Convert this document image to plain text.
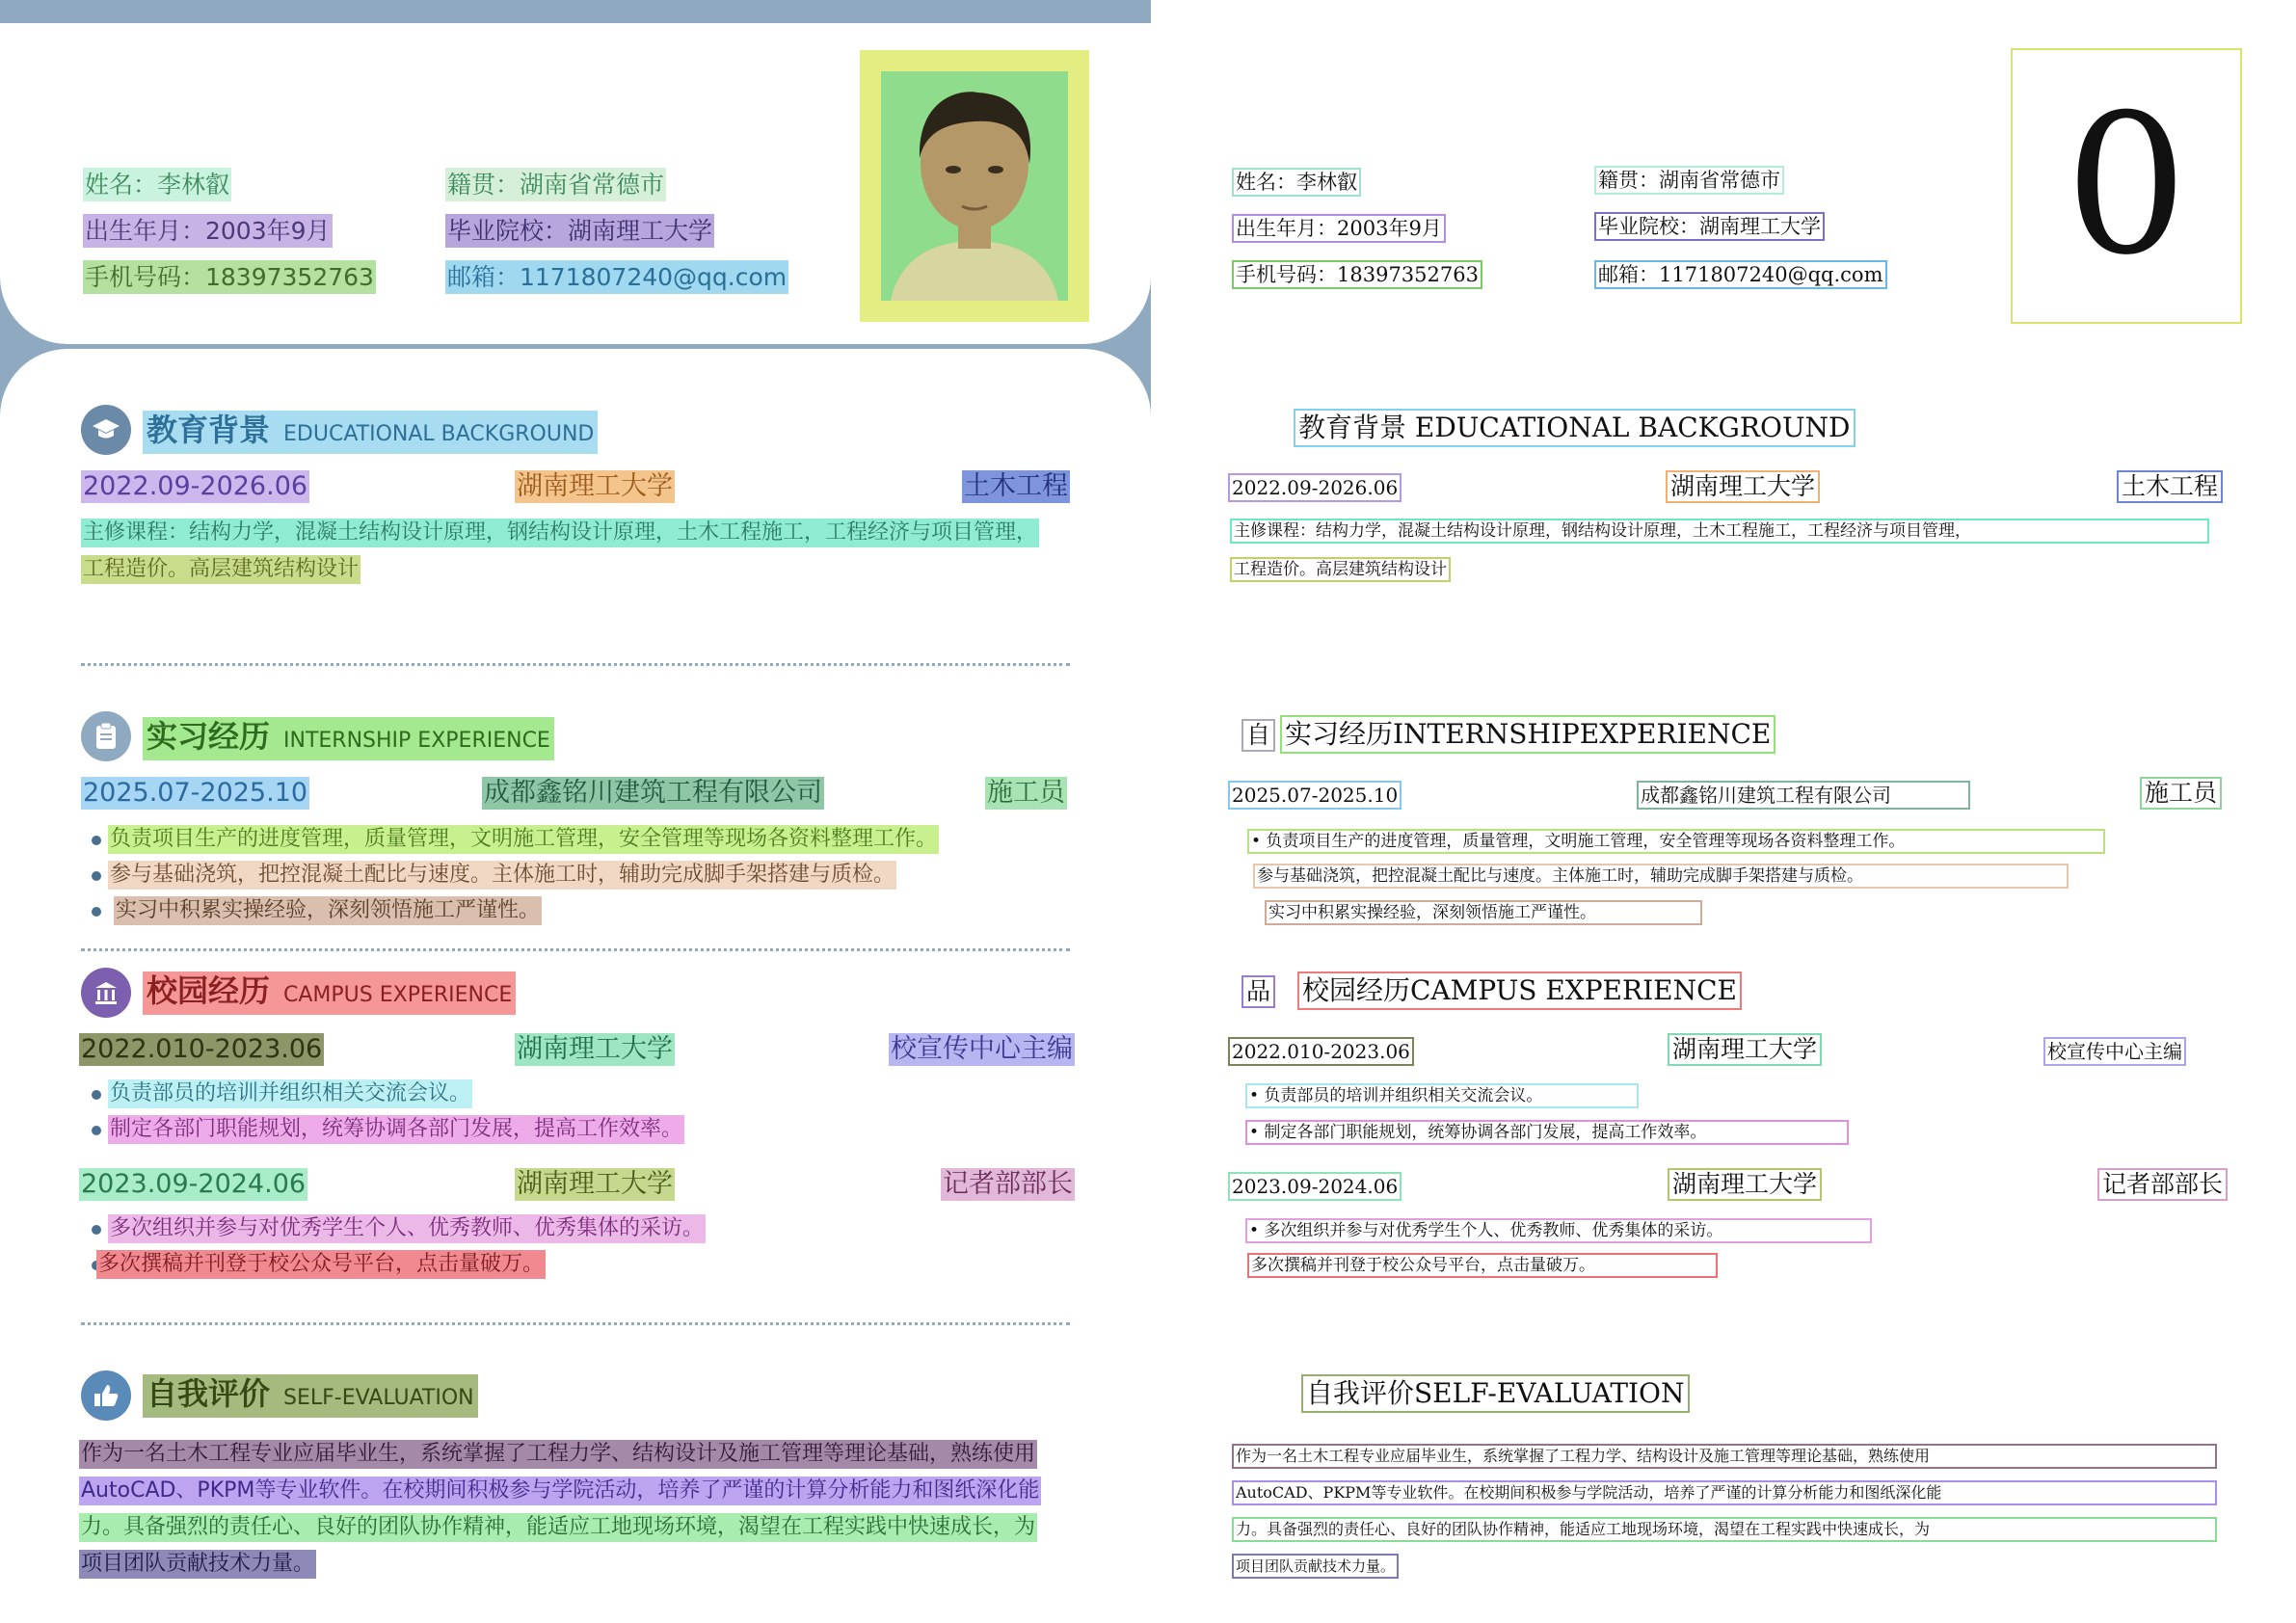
姓名：李林叡	籍贯：湖南省常德市
出生年月：2003年9月	毕业院校：湖南理工大学
手机号码：18397352763	邮箱：1171807240@qq.com
教育背景 EDUCATIONAL BACKGROUND
2022.09-2026.06	湖南理工大学	土木工程
主修课程：结构力学，混凝土结构设计原理，钢结构设计原理，土木工程施工，工程经济与项目管理，
工程造价。高层建筑结构设计
实习经历 INTERNSHIP EXPERIENCE
2025.07-2025.10	成都鑫铭川建筑工程有限公司	施工员
负责项目生产的进度管理，质量管理，文明施工管理，安全管理等现场各资料整理工作。
参与基础浇筑，把控混凝土配比与速度。主体施工时，辅助完成脚手架搭建与质检。
实习中积累实操经验，深刻领悟施工严谨性。
校园经历 CAMPUS EXPERIENCE
2022.010-2023.06	湖南理工大学	校宣传中心主编
负责部员的培训并组织相关交流会议。
制定各部门职能规划，统筹协调各部门发展，提高工作效率。
2023.09-2024.06	湖南理工大学	记者部部长
多次组织并参与对优秀学生个人、优秀教师、优秀集体的采访。
多次撰稿并刊登于校公众号平台，点击量破万。
自我评价 SELF-EVALUATION
作为一名土木工程专业应届毕业生，系统掌握了工程力学、结构设计及施工管理等理论基础，熟练使用
AutoCAD、PKPM等专业软件。在校期间积极参与学院活动，培养了严谨的计算分析能力和图纸深化能
力。具备强烈的责任心、良好的团队协作精神，能适应工地现场环境，渴望在工程实践中快速成长，为
项目团队贡献技术力量。
姓名：李林叡	籍贯：湖南省常德市
出生年月：2003年9月	毕业院校：湖南理工大学
手机号码：18397352763	邮箱：1171807240@qq.com 0
教育背景 EDUCATIONAL BACKGROUND
2022.09-2026.06	湖南理工大学	土木工程
主修课程：结构力学，混凝土结构设计原理，钢结构设计原理，土木工程施工，工程经济与项目管理，
工程造价。高层建筑结构设计
自 实习经历INTERNSHIPEXPERIENCE
2025.07-2025.10	成都鑫铭川建筑工程有限公司	施工员
• 负责项目生产的进度管理，质量管理，文明施工管理，安全管理等现场各资料整理工作。
参与基础浇筑，把控混凝土配比与速度。主体施工时，辅助完成脚手架搭建与质检。
实习中积累实操经验，深刻领悟施工严谨性。
品 校园经历CAMPUS EXPERIENCE
2022.010-2023.06	湖南理工大学	校宣传中心主编
• 负责部员的培训并组织相关交流会议。
• 制定各部门职能规划，统筹协调各部门发展，提高工作效率。
2023.09-2024.06	湖南理工大学	记者部部长
• 多次组织并参与对优秀学生个人、优秀教师、优秀集体的采访。
多次撰稿并刊登于校公众号平台，点击量破万。
自我评价SELF-EVALUATION
作为一名土木工程专业应届毕业生，系统掌握了工程力学、结构设计及施工管理等理论基础，熟练使用
AutoCAD、PKPM等专业软件。在校期间积极参与学院活动，培养了严谨的计算分析能力和图纸深化能
力。具备强烈的责任心、良好的团队协作精神，能适应工地现场环境，渴望在工程实践中快速成长，为
项目团队贡献技术力量。
